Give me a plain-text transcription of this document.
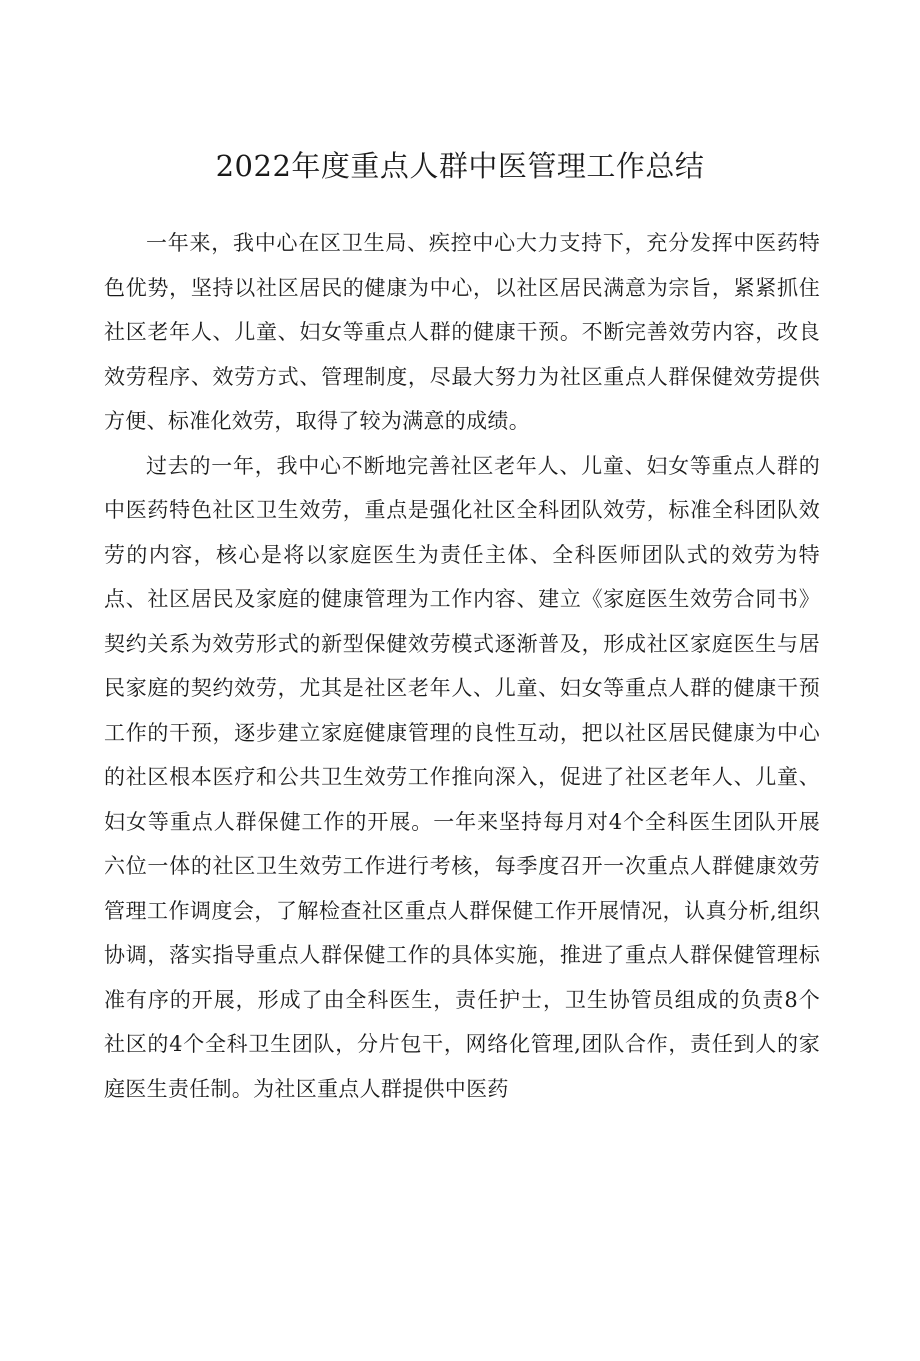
2022年度重点人群中医管理工作总结

一年来，我中心在区卫生局、疾控中心大力支持下，充分发挥中医药特色优势，坚持以社区居民的健康为中心，以社区居民满意为宗旨，紧紧抓住社区老年人、儿童、妇女等重点人群的健康干预。不断完善效劳内容，改良效劳程序、效劳方式、管理制度，尽最大努力为社区重点人群保健效劳提供方便、标准化效劳，取得了较为满意的成绩。

过去的一年，我中心不断地完善社区老年人、儿童、妇女等重点人群的中医药特色社区卫生效劳，重点是强化社区全科团队效劳，标准全科团队效劳的内容，核心是将以家庭医生为责任主体、全科医师团队式的效劳为特点、社区居民及家庭的健康管理为工作内容、建立《家庭医生效劳合同书》契约关系为效劳形式的新型保健效劳模式逐渐普及，形成社区家庭医生与居民家庭的契约效劳，尤其是社区老年人、儿童、妇女等重点人群的健康干预工作的干预，逐步建立家庭健康管理的良性互动，把以社区居民健康为中心的社区根本医疗和公共卫生效劳工作推向深入，促进了社区老年人、儿童、妇女等重点人群保健工作的开展。一年来坚持每月对4个全科医生团队开展六位一体的社区卫生效劳工作进行考核，每季度召开一次重点人群健康效劳管理工作调度会，了解检查社区重点人群保健工作开展情况，认真分析,组织协调，落实指导重点人群保健工作的具体实施，推进了重点人群保健管理标准有序的开展，形成了由全科医生，责任护士，卫生协管员组成的负责8个社区的4个全科卫生团队，分片包干，网络化管理,团队合作，责任到人的家庭医生责任制。为社区重点人群提供中医药
